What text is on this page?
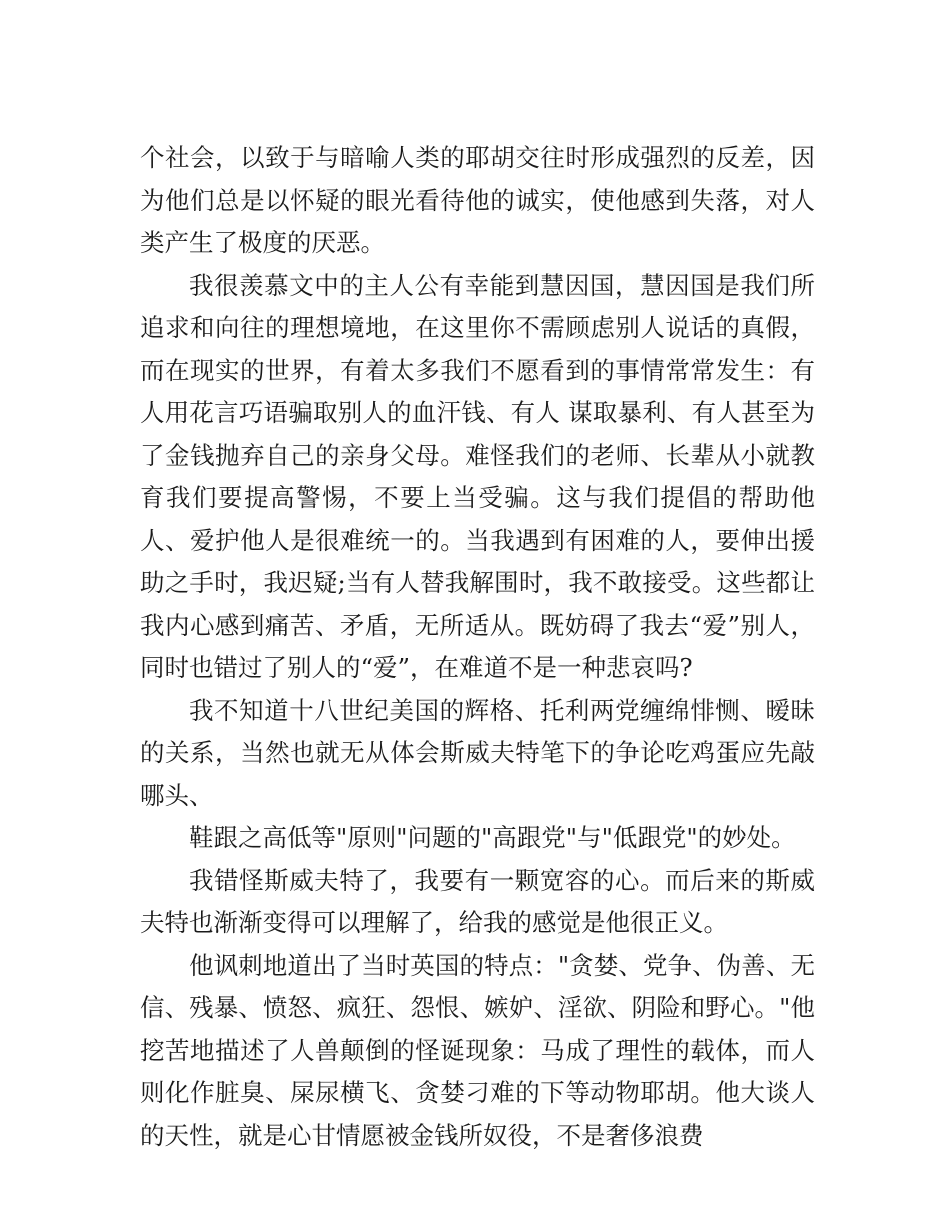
个社会，以致于与暗喻人类的耶胡交往时形成强烈的反差，因为他们总是以怀疑的眼光看待他的诚实，使他感到失落，对人类产生了极度的厌恶。

我很羡慕文中的主人公有幸能到慧因国，慧因国是我们所追求和向往的理想境地，在这里你不需顾虑别人说话的真假，而在现实的世界，有着太多我们不愿看到的事情常常发生：有人用花言巧语骗取别人的血汗钱、有人 谋取暴利、有人甚至为了金钱抛弃自己的亲身父母。难怪我们的老师、长辈从小就教育我们要提高警惕，不要上当受骗。这与我们提倡的帮助他人、爱护他人是很难统一的。当我遇到有困难的人，要伸出援助之手时，我迟疑;当有人替我解围时，我不敢接受。这些都让我内心感到痛苦、矛盾，无所适从。既妨碍了我去“爱”别人，同时也错过了别人的“爱”，在难道不是一种悲哀吗?

我不知道十八世纪美国的辉格、托利两党缠绵悱恻、暧昧的关系，当然也就无从体会斯威夫特笔下的争论吃鸡蛋应先敲哪头、

鞋跟之高低等"原则"问题的"高跟党"与"低跟党"的妙处。

我错怪斯威夫特了，我要有一颗宽容的心。而后来的斯威夫特也渐渐变得可以理解了，给我的感觉是他很正义。

他讽刺地道出了当时英国的特点："贪婪、党争、伪善、无信、残暴、愤怒、疯狂、怨恨、嫉妒、淫欲、阴险和野心。"他挖苦地描述了人兽颠倒的怪诞现象：马成了理性的载体，而人则化作脏臭、屎尿横飞、贪婪刁难的下等动物耶胡。他大谈人的天性，就是心甘情愿被金钱所奴役，不是奢侈浪费
